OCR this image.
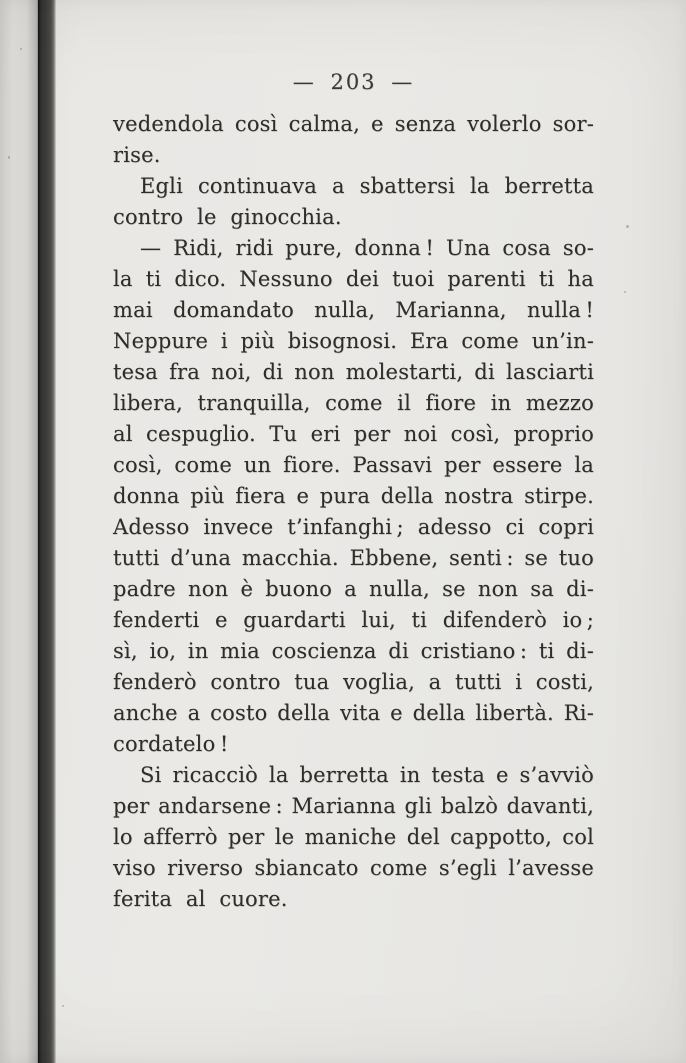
— 203 —
vedendola così calma, e senza volerlo sor-
rise.
Egli continuava a sbattersi la berretta
contro le ginocchia.
— Ridi, ridi pure, donna ! Una cosa so-
la ti dico. Nessuno dei tuoi parenti ti ha
mai domandato nulla, Marianna, nulla !
Neppure i più bisognosi. Era come un’in-
tesa fra noi, di non molestarti, di lasciarti
libera, tranquilla, come il fiore in mezzo
al cespuglio. Tu eri per noi così, proprio
così, come un fiore. Passavi per essere la
donna più fiera e pura della nostra stirpe.
Adesso invece t’infanghi ; adesso ci copri
tutti d’una macchia. Ebbene, senti : se tuo
padre non è buono a nulla, se non sa di-
fenderti e guardarti lui, ti difenderò io ;
sì, io, in mia coscienza di cristiano : ti di-
fenderò contro tua voglia, a tutti i costi,
anche a costo della vita e della libertà. Ri-
cordatelo !
Si ricacciò la berretta in testa e s’avviò
per andarsene : Marianna gli balzò davanti,
lo afferrò per le maniche del cappotto, col
viso riverso sbiancato come s’egli l’avesse
ferita al cuore.
